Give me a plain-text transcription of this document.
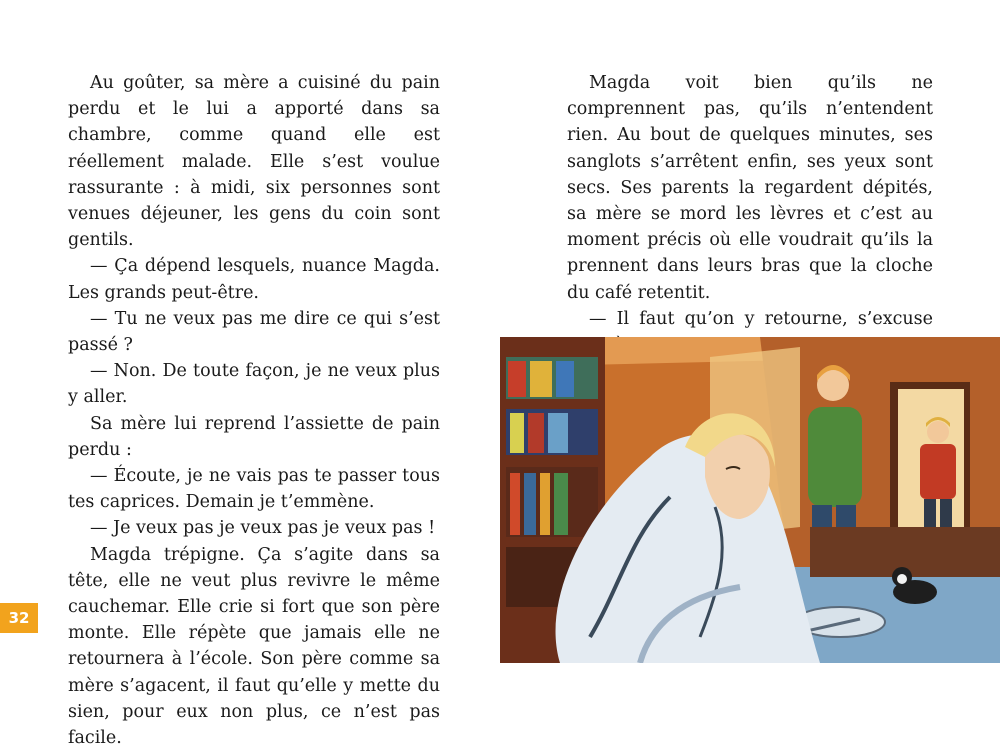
Au goûter, sa mère a cuisiné du pain perdu et le lui a apporté dans sa chambre, comme quand elle est réellement malade. Elle s’est voulue rassurante : à midi, six personnes sont venues déjeuner, les gens du coin sont gentils.

— Ça dépend lesquels, nuance Magda. Les grands peut-être.

— Tu ne veux pas me dire ce qui s’est passé ?

— Non. De toute façon, je ne veux plus y aller.

Sa mère lui reprend l’assiette de pain perdu :

— Écoute, je ne vais pas te passer tous tes caprices. Demain je t’emmène.

— Je veux pas je veux pas je veux pas !

Magda trépigne. Ça s’agite dans sa tête, elle ne veut plus revivre le même cauchemar. Elle crie si fort que son père monte. Elle répète que jamais elle ne retournera à l’école. Son père comme sa mère s’agacent, il faut qu’elle y mette du sien, pour eux non plus, ce n’est pas facile.

Magda voit bien qu’ils ne comprennent pas, qu’ils n’entendent rien. Au bout de quelques minutes, ses sanglots s’arrêtent enfin, ses yeux sont secs. Ses parents la regardent dépités, sa mère se mord les lèvres et c’est au moment précis où elle voudrait qu’ils la prennent dans leurs bras que la cloche du café retentit.

— Il faut qu’on y retourne, s’excuse

32
